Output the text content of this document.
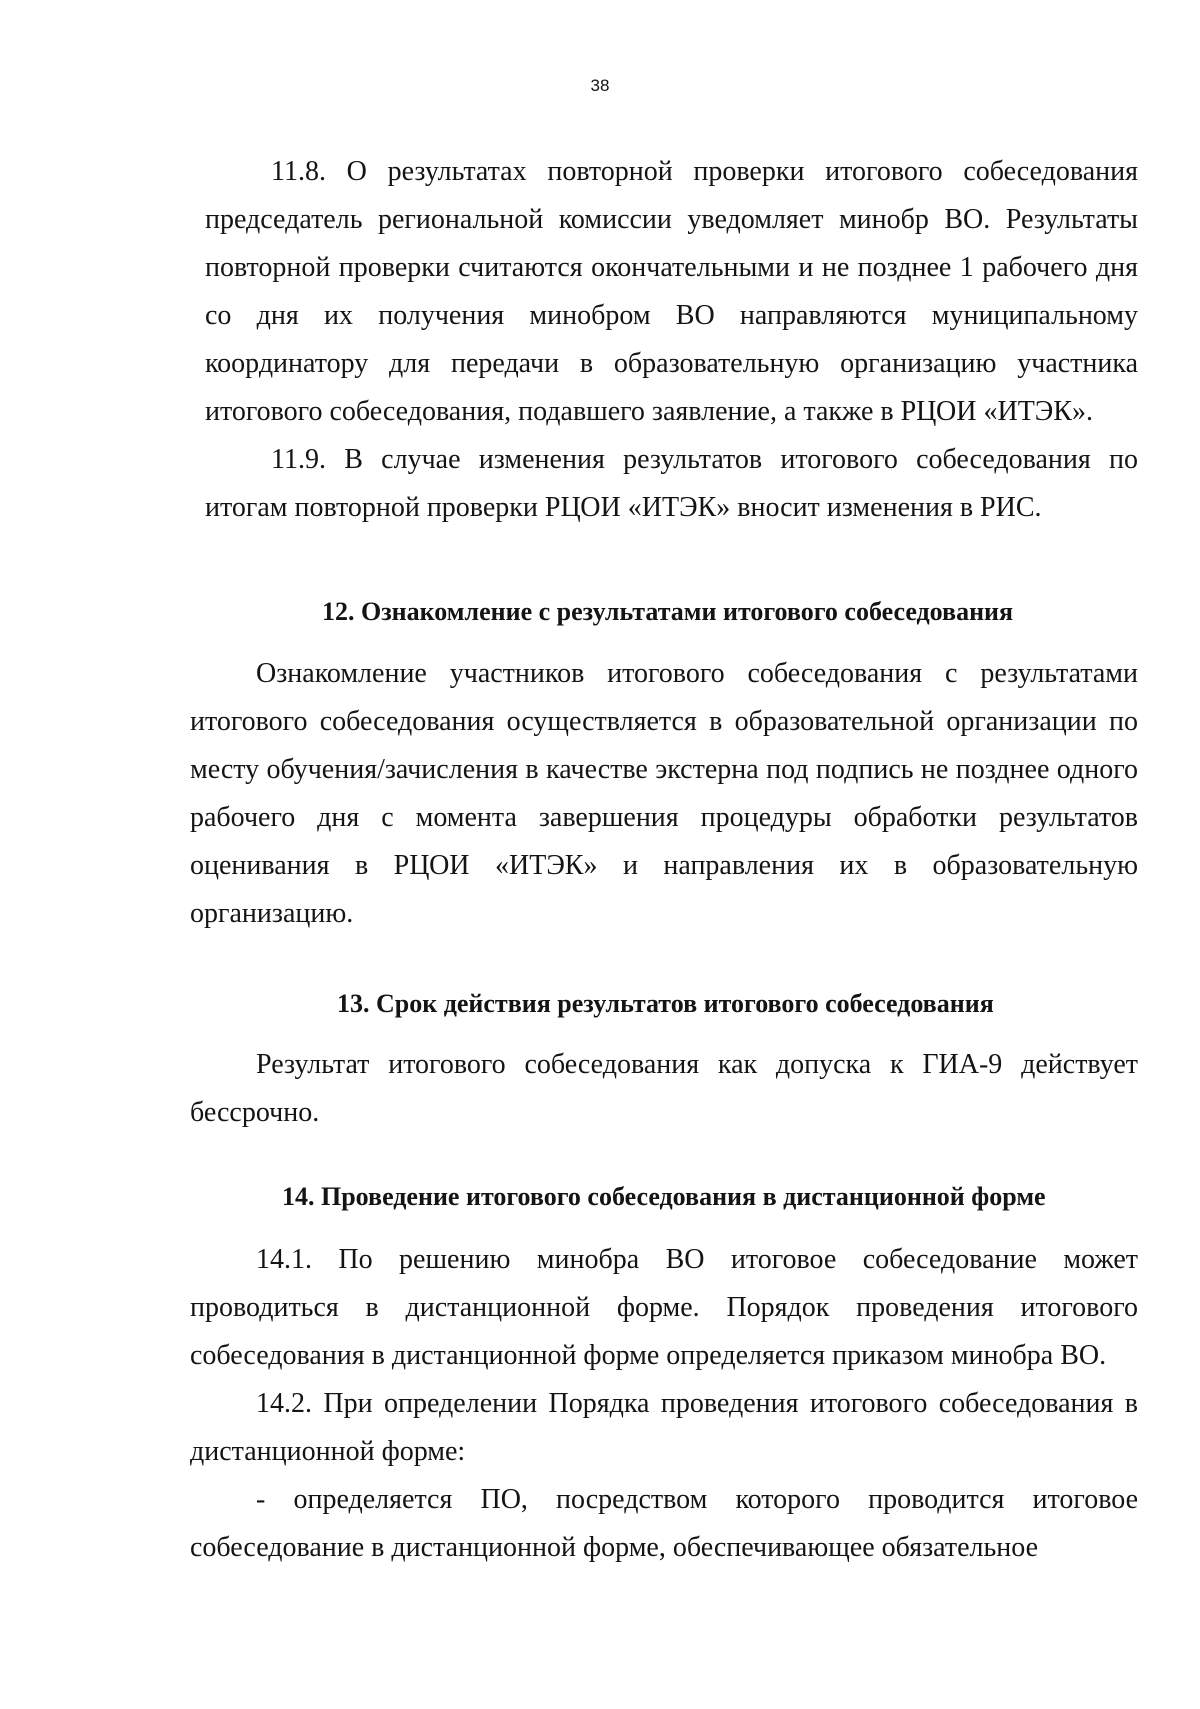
38

11.8. О результатах повторной проверки итогового собеседования председатель региональной комиссии уведомляет минобр ВО. Результаты повторной проверки считаются окончательными и не позднее 1 рабочего дня со дня их получения минобром ВО направляются муниципальному координатору для передачи в образовательную организацию участника итогового собеседования, подавшего заявление, а также в РЦОИ «ИТЭК».

11.9. В случае изменения результатов итогового собеседования по итогам повторной проверки РЦОИ «ИТЭК» вносит изменения в РИС.

12. Ознакомление с результатами итогового собеседования

Ознакомление участников итогового собеседования с результатами итогового собеседования осуществляется в образовательной организации по месту обучения/зачисления в качестве экстерна под подпись не позднее одного рабочего дня с момента завершения процедуры обработки результатов оценивания в РЦОИ «ИТЭК» и направления их в образовательную организацию.

13. Срок действия результатов итогового собеседования

Результат итогового собеседования как допуска к ГИА-9 действует бессрочно.

14. Проведение итогового собеседования в дистанционной форме

14.1. По решению минобра ВО итоговое собеседование может проводиться в дистанционной форме. Порядок проведения итогового собеседования в дистанционной форме определяется приказом минобра ВО.

14.2. При определении Порядка проведения итогового собеседования в дистанционной форме:

- определяется ПО, посредством которого проводится итоговое собеседование в дистанционной форме, обеспечивающее обязательное
